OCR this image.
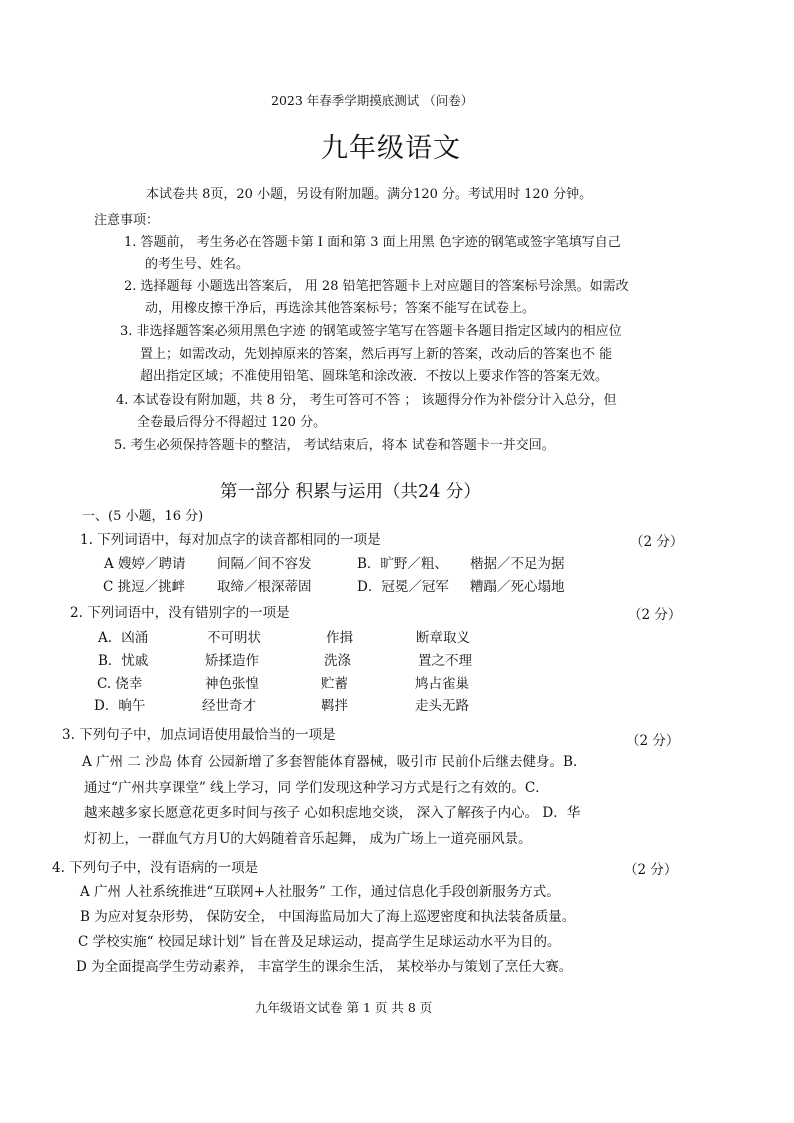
2023 年春季学期摸底测试 （问卷）
九年级语文
本试卷共 8页，20 小题，另设有附加题。满分120 分。考试用时 120 分钟。
注意事项：
1. 答题前， 考生务必在答题卡第 I 面和第 3 面上用黑 色字迹的钢笔或签字笔填写自己
的考生号、姓名。
2. 选择题每 小题选出答案后， 用 28 铅笔把答题卡上对应题目的答案标号涂黑。如需改
动，用橡皮擦干净后，再选涂其他答案标号；答案不能写在试卷上。
3. 非选择题答案必须用黑色字迹 的钢笔或签字笔写在答题卡各题目指定区域内的相应位
置上；如需改动，先划掉原来的答案，然后再写上新的答案，改动后的答案也不 能
超出指定区域；不准使用铅笔、圆珠笔和涂改液．不按以上要求作答的答案无效。
4. 本试卷设有附加题，共 8 分， 考生可答可不答 ； 该题得分作为补偿分计入总分，但
全卷最后得分不得超过 120 分。
5. 考生必须保持答题卡的整洁， 考试结束后，将本 试卷和答题卡一并交回。
第一部分 积累与运用（共24 分）
一、(5 小题，16 分)
1. 下列词语中，每对加点字的读音都相同的一项是	（2 分）
A 嫂婷／聘请 间隔／间不容发	B．旷野／粗、 楷据／不足为据
C 挑逗／挑衅 取缔／根深蒂固	D．冠冕／冠军 糟蹋／死心塌地
2. 下列词语中，没有错别字的一项是	（2 分）
A．凶涌	不可明状	作揖	断章取义
B．忧戚	矫揉造作	洗涤	置之不理
C. 侥幸	神色张惶	贮蓄	鸠占雀巢
D．晌午	经世奇才	羁拌	走头无路
3. 下列句子中，加点词语使用最恰当的一项是	（2 分）
A 广州 二 沙岛 体育 公园新增了多套智能体育器械，吸引市 民前仆后继去健身。B.
通过“广州共享课堂” 线上学习，同 学们发现这种学习方式是行之有效的。C．
越来越多家长愿意花更多时间与孩子 心如积虑地交谈， 深入了解孩子内心。 D．华
灯初上，一群血气方月U的大妈随着音乐起舞， 成为广场上一道亮丽风景。
4. 下列句子中，没有语病的一项是	（2 分）
A 广州 人社系统推进“互联网+人社服务” 工作，通过信息化手段创新服务方式。
B 为应对复杂形势， 保防安全， 中国海监局加大了海上巡逻密度和执法装备质量。
C 学校实施“ 校园足球计划” 旨在普及足球运动，提高学生足球运动水平为目的。
D 为全面提高学生劳动素养， 丰富学生的课余生活， 某校举办与策划了烹任大赛。
九年级语文试卷 第 1 页 共 8 页
